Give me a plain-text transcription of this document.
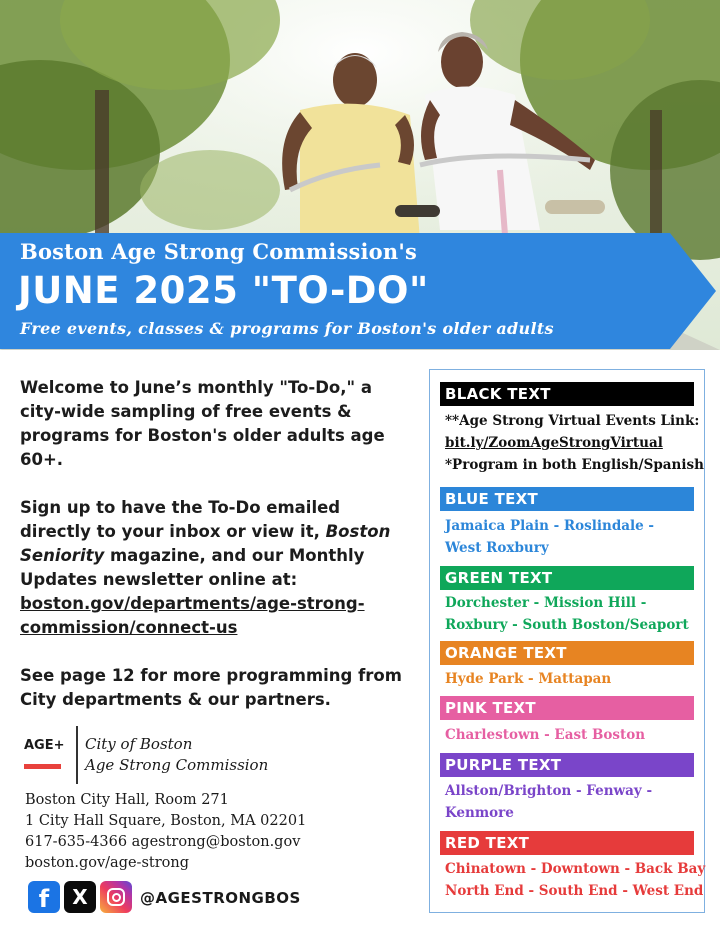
Boston Age Strong Commission's
JUNE 2025 "TO-DO"
Free events, classes & programs for Boston's older adults

Welcome to June’s monthly "To-Do," a city-wide sampling of free events & programs for Boston's older adults age 60+.

Sign up to have the To-Do emailed directly to your inbox or view it, Boston Seniority magazine, and our Monthly Updates newsletter online at:
boston.gov/departments/age-strong-commission/connect-us

See page 12 for more programming from City departments & our partners.

AGE+ City of Boston
Age Strong Commission
Boston City Hall, Room 271
1 City Hall Square, Boston, MA 02201
617-635-4366 agestrong@boston.gov
boston.gov/age-strong
f	X	@AGESTRONGBOS
BLACK TEXT
**Age Strong Virtual Events Link:
bit.ly/ZoomAgeStrongVirtual
*Program in both English/Spanish
BLUE TEXT
Jamaica Plain - Roslindale -
West Roxbury
GREEN TEXT
Dorchester - Mission Hill -
Roxbury - South Boston/Seaport
ORANGE TEXT
Hyde Park - Mattapan
PINK TEXT
Charlestown - East Boston
PURPLE TEXT
Allston/Brighton - Fenway -
Kenmore
RED TEXT
Chinatown - Downtown - Back Bay
North End - South End - West End
